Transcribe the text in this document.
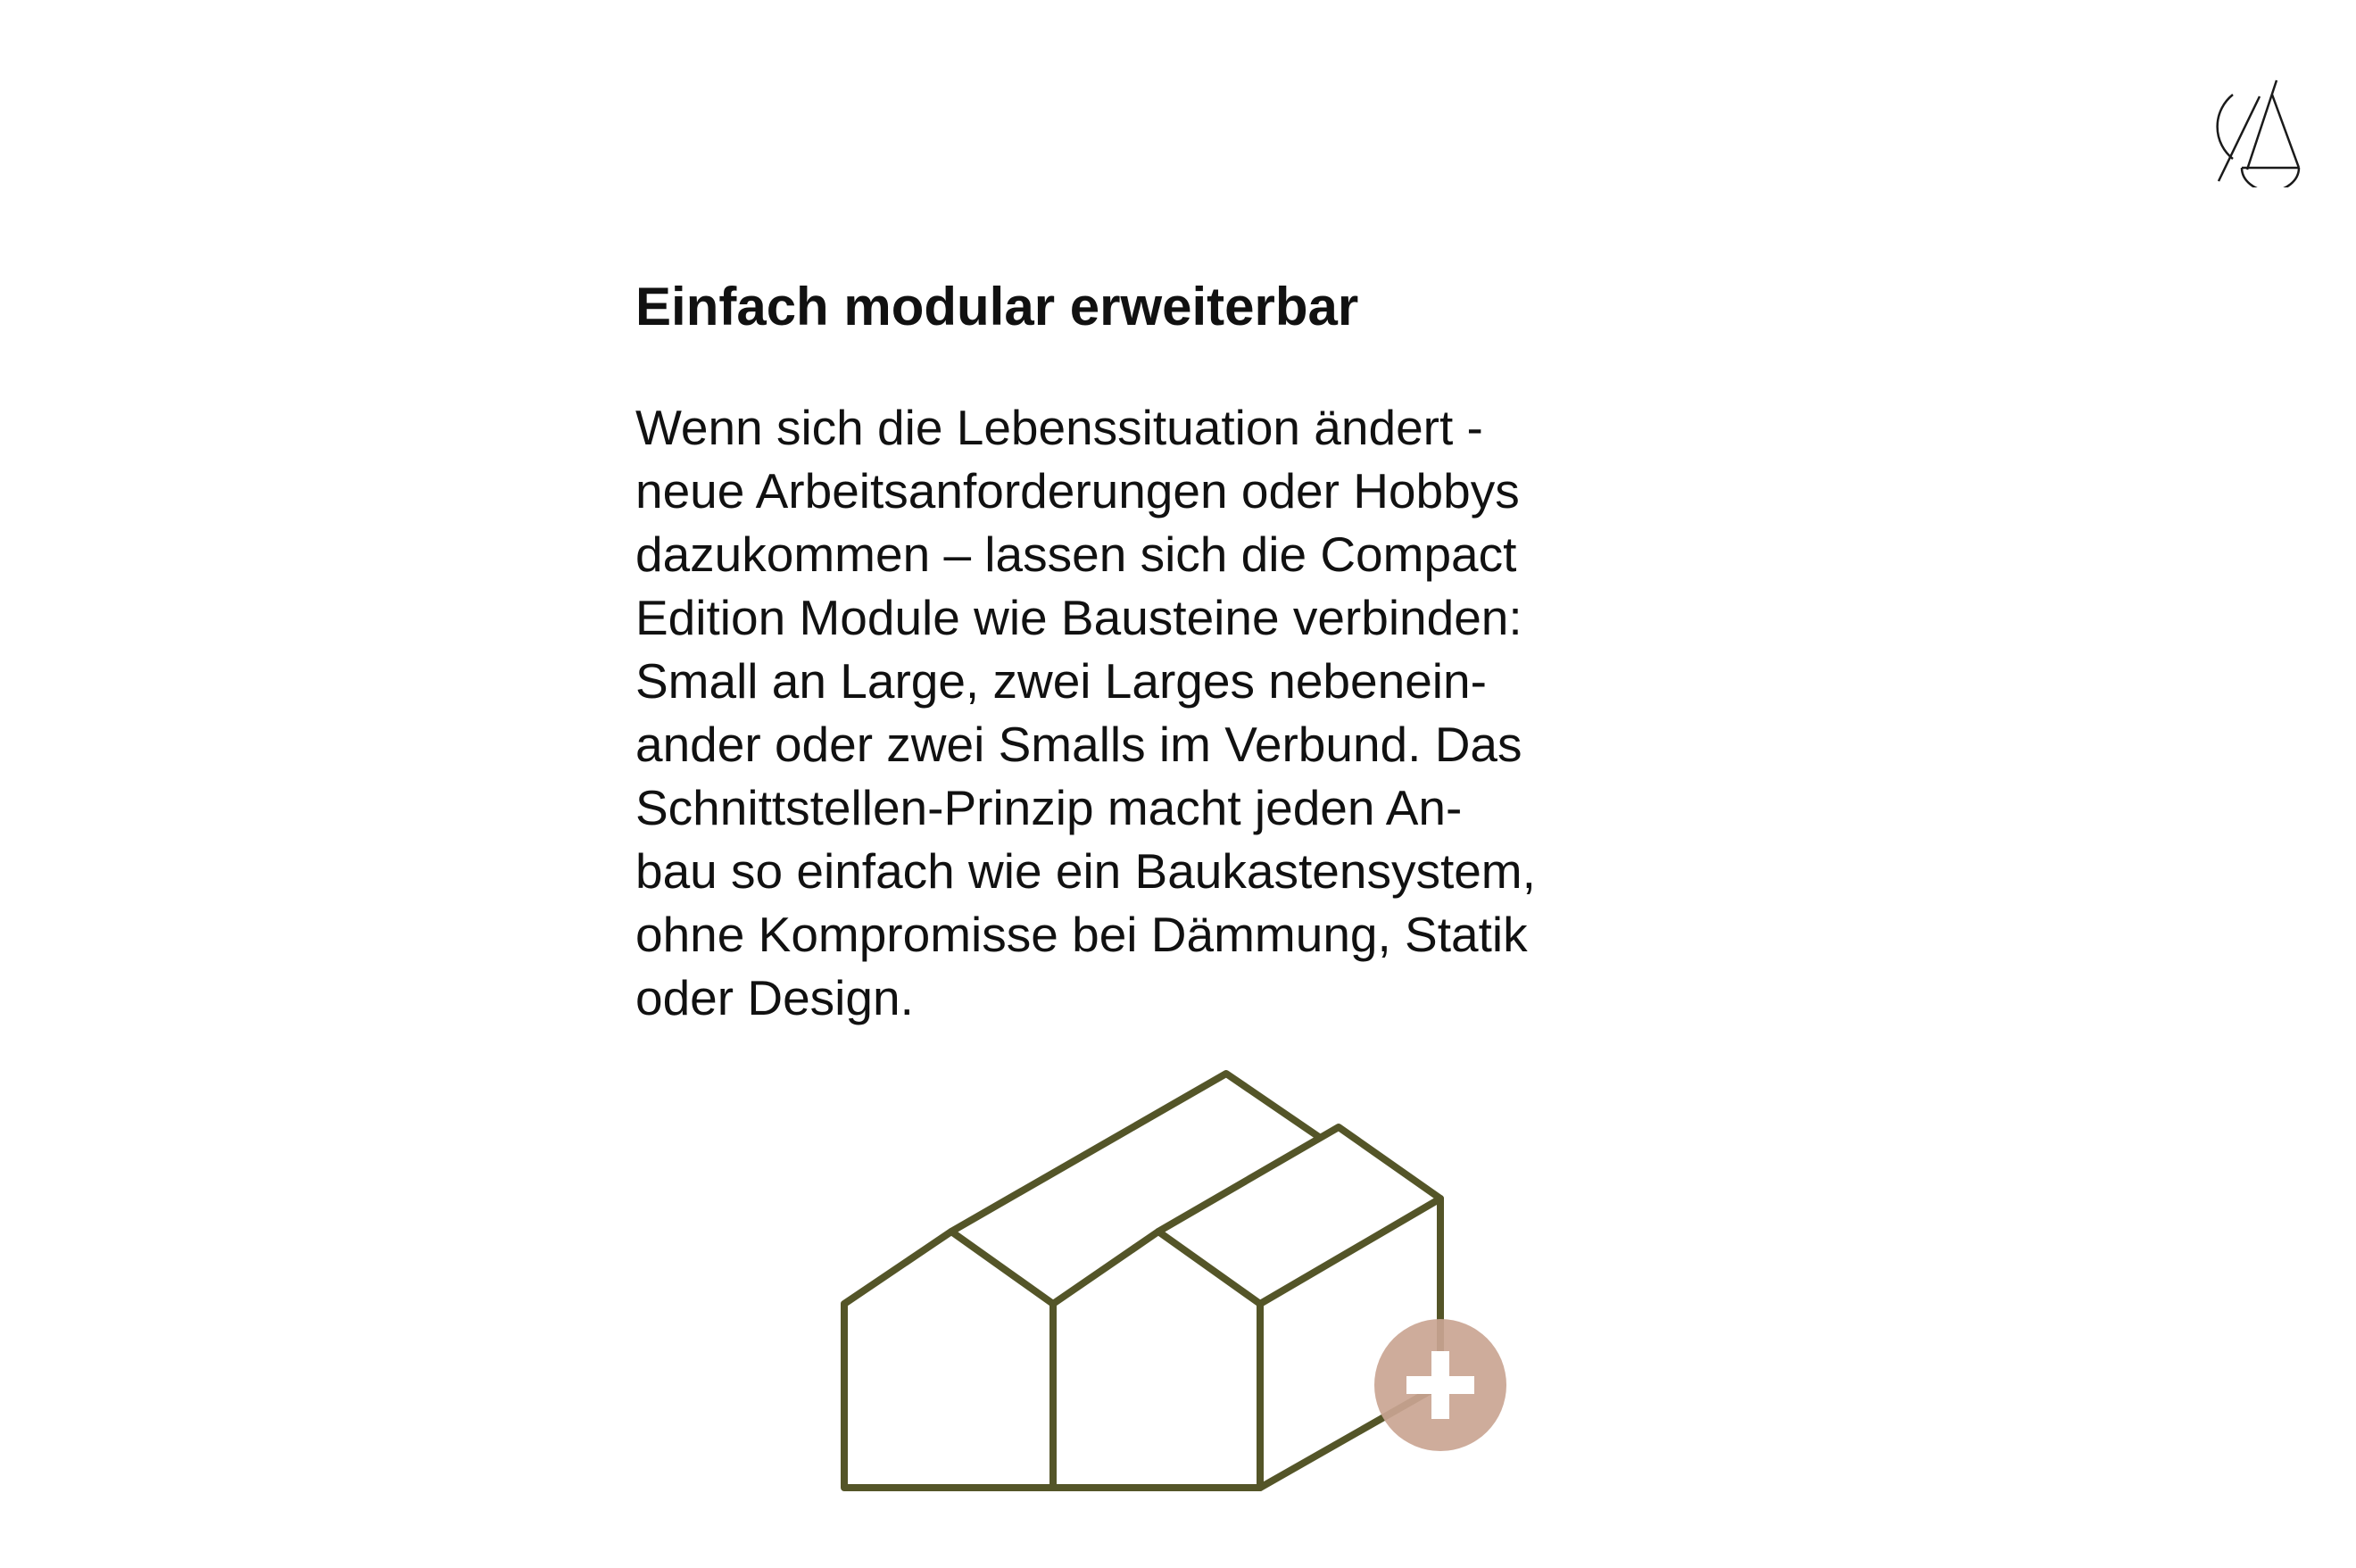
Einfach modular erweiterbar

Wenn sich die Lebenssituation ändert -
neue Arbeitsanforderungen oder Hobbys
dazukommen – lassen sich die Compact
Edition Module wie Bausteine verbinden:
Small an Large, zwei Larges nebenein-
ander oder zwei Smalls im Verbund. Das
Schnittstellen-Prinzip macht jeden An-
bau so einfach wie ein Baukastensystem,
ohne Kompromisse bei Dämmung, Statik
oder Design.
